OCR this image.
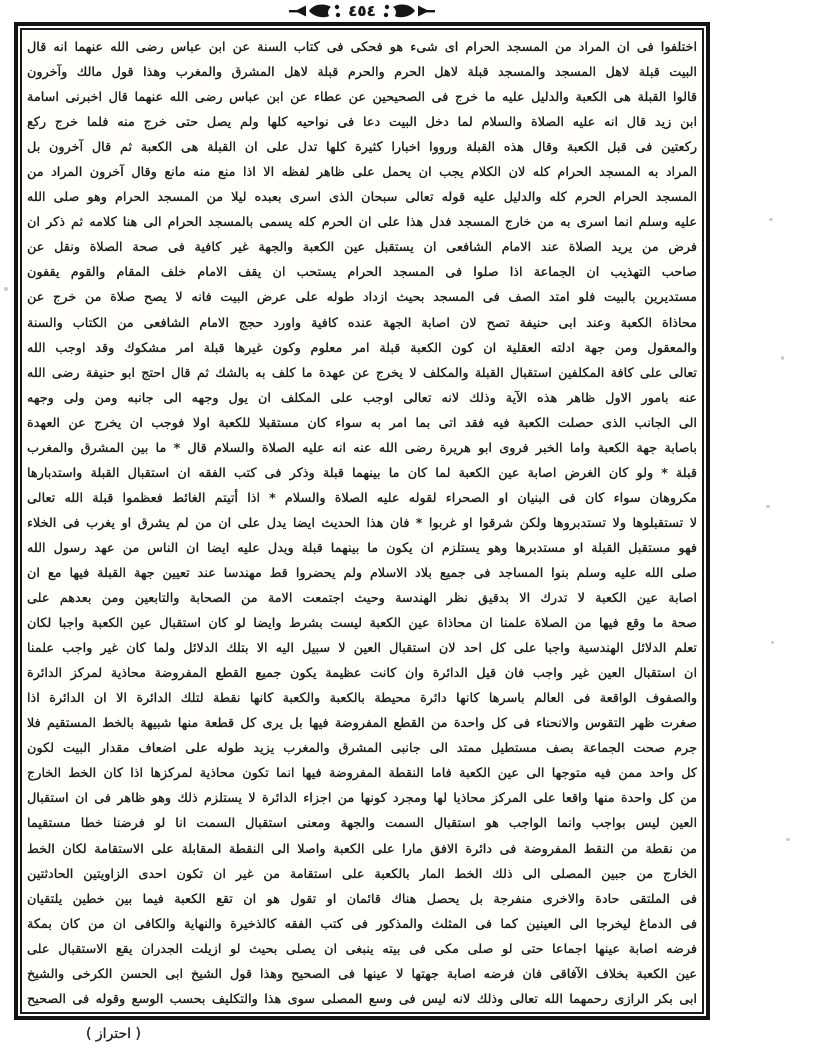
٤٥٤
اختلفوا فى ان المراد من المسجد الحرام اى شىء هو فحكى فى كتاب السنة عن ابن عباس رضى الله عنهما انه قال
البيت قبلة لاهل المسجد والمسجد قبلة لاهل الحرم والحرم قبلة لاهل المشرق والمغرب وهذا قول مالك وآخرون
قالوا القبلة هى الكعبة والدليل عليه ما خرج فى الصحيحين عن عطاء عن ابن عباس رضى الله عنهما قال اخبرنى اسامة
ابن زيد قال انه عليه الصلاة والسلام لما دخل البيت دعا فى نواحيه كلها ولم يصل حتى خرج منه فلما خرج ركع
ركعتين فى قبل الكعبة وقال هذه القبلة ورووا اخبارا كثيرة كلها تدل على ان القبلة هى الكعبة ثم قال آخرون بل
المراد به المسجد الحرام كله لان الكلام يجب ان يحمل على ظاهر لفظه الا اذا منع منه مانع وقال آخرون المراد من
المسجد الحرام الحرم كله والدليل عليه قوله تعالى سبحان الذى اسرى بعبده ليلا من المسجد الحرام وهو صلى الله
عليه وسلم انما اسرى به من خارج المسجد فدل هذا على ان الحرم كله يسمى بالمسجد الحرام الى هنا كلامه ثم ذكر ان
فرض من يريد الصلاة عند الامام الشافعى ان يستقبل عين الكعبة والجهة غير كافية فى صحة الصلاة ونقل عن
صاحب التهذيب ان الجماعة اذا صلوا فى المسجد الحرام يستحب ان يقف الامام خلف المقام والقوم يقفون
مستديرين بالبيت فلو امتد الصف فى المسجد بحيث ازداد طوله على عرض البيت فانه لا يصح صلاة من خرج عن
محاذاة الكعبة وعند ابى حنيفة تصح لان اصابة الجهة عنده كافية واورد حجج الامام الشافعى من الكتاب والسنة
والمعقول ومن جهة ادلته العقلية ان كون الكعبة قبلة امر معلوم وكون غيرها قبلة امر مشكوك وقد اوجب الله
تعالى على كافة المكلفين استقبال القبلة والمكلف لا يخرج عن عهدة ما كلف به بالشك ثم قال احتج ابو حنيفة رضى الله
عنه بامور الاول ظاهر هذه الآية وذلك لانه تعالى اوجب على المكلف ان يول وجهه الى جانبه ومن ولى وجهه
الى الجانب الذى حصلت الكعبة فيه فقد اتى بما امر به سواء كان مستقبلا للكعبة اولا فوجب ان يخرج عن العهدة
باصابة جهة الكعبة واما الخبر فروى ابو هريرة رضى الله عنه انه عليه الصلاة والسلام قال * ما بين المشرق والمغرب
قبلة * ولو كان الغرض اصابة عين الكعبة لما كان ما بينهما قبلة وذكر فى كتب الفقه ان استقبال القبلة واستدبارها
مكروهان سواء كان فى البنيان او الصحراء لقوله عليه الصلاة والسلام * اذا أتيتم الغائط فعظموا قبلة الله تعالى
لا تستقبلوها ولا تستدبروها ولكن شرقوا او غربوا * فان هذا الحديث ايضا يدل على ان من لم يشرق او يغرب فى الخلاء
فهو مستقبل القبلة او مستدبرها وهو يستلزم ان يكون ما بينهما قبلة ويدل عليه ايضا ان الناس من عهد رسول الله
صلى الله عليه وسلم بنوا المساجد فى جميع بلاد الاسلام ولم يحضروا قط مهندسا عند تعيين جهة القبلة فيها مع ان
اصابة عين الكعبة لا تدرك الا بدقيق نظر الهندسة وحيث اجتمعت الامة من الصحابة والتابعين ومن بعدهم على
صحة ما وقع فيها من الصلاة علمنا ان محاذاة عين الكعبة ليست بشرط وايضا لو كان استقبال عين الكعبة واجبا لكان
تعلم الدلائل الهندسية واجبا على كل احد لان استقبال العين لا سبيل اليه الا بتلك الدلائل ولما كان غير واجب علمنا
ان استقبال العين غير واجب فان قيل الدائرة وان كانت عظيمة يكون جميع القطع المفروضة محاذية لمركز الدائرة
والصفوف الواقعة فى العالم باسرها كانها دائرة محيطة بالكعبة والكعبة كانها نقطة لتلك الدائرة الا ان الدائرة اذا
صغرت ظهر التقوس والانحناء فى كل واحدة من القطع المفروضة فيها بل يرى كل قطعة منها شبيهة بالخط المستقيم فلا
جرم صحت الجماعة بصف مستطيل ممتد الى جانبى المشرق والمغرب يزيد طوله على اضعاف مقدار البيت لكون
كل واحد ممن فيه متوجها الى عين الكعبة فاما النقطة المفروضة فيها انما تكون محاذية لمركزها اذا كان الخط الخارج
من كل واحدة منها واقعا على المركز محاذيا لها ومجرد كونها من اجزاء الدائرة لا يستلزم ذلك وهو ظاهر فى ان استقبال
العين ليس بواجب وانما الواجب هو استقبال السمت والجهة ومعنى استقبال السمت انا لو فرضنا خطا مستقيما
من نقطة من النقط المفروضة فى دائرة الافق مارا على الكعبة واصلا الى النقطة المقابلة على الاستقامة لكان الخط
الخارج من جبين المصلى الى ذلك الخط المار بالكعبة على استقامة من غير ان تكون احدى الزاويتين الحادثتين
فى الملتقى حادة والاخرى منفرجة بل يحصل هناك قائمان او تقول هو ان تقع الكعبة فيما بين خطين يلتقيان
فى الدماغ ليخرجا الى العينين كما فى المثلث والمذكور فى كتب الفقه كالذخيرة والنهاية والكافى ان من كان بمكة
فرضه اصابة عينها اجماعا حتى لو صلى مكى فى بيته ينبغى ان يصلى بحيث لو ازيلت الجدران يقع الاستقبال على
عين الكعبة بخلاف الآفاقى فان فرضه اصابة جهتها لا عينها فى الصحيح وهذا قول الشيخ ابى الحسن الكرخى والشيخ
ابى بكر الرازى رحمهما الله تعالى وذلك لانه ليس فى وسع المصلى سوى هذا والتكليف بحسب الوسع وقوله فى الصحيح
( احتراز )
